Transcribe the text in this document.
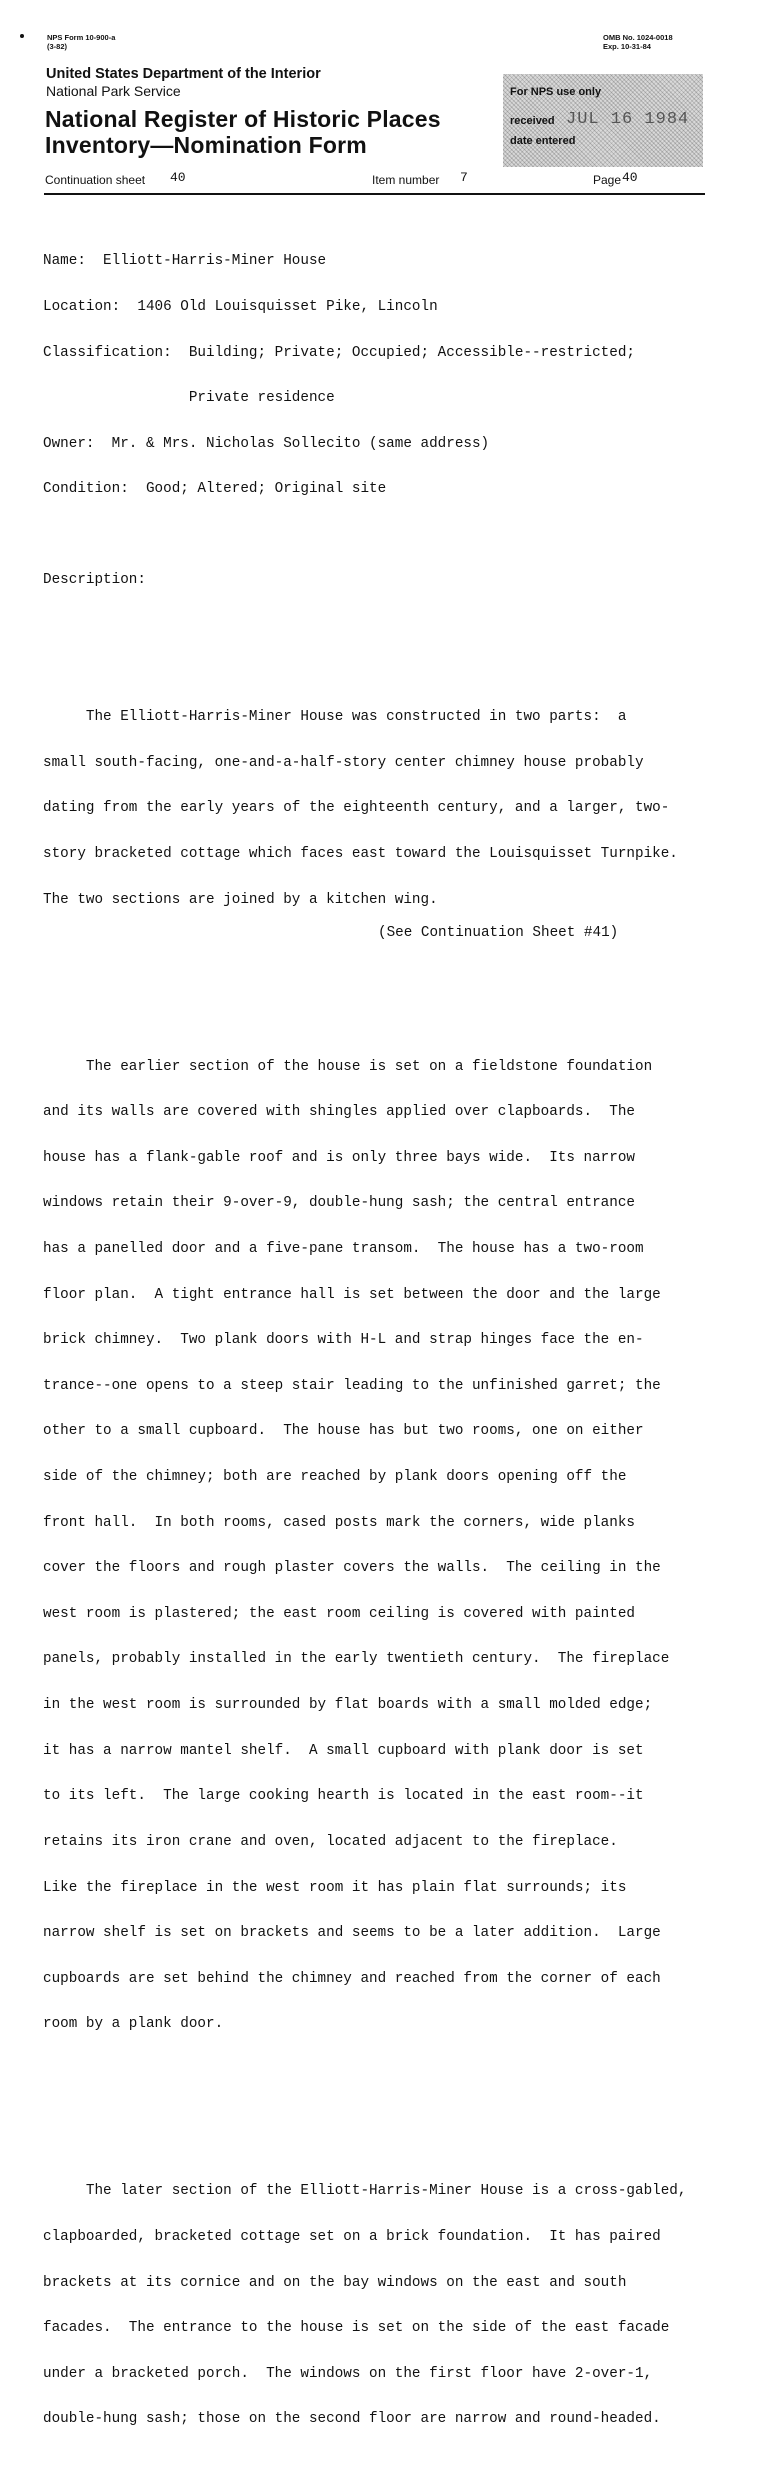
NPS Form 10-900-a
(3-82)
OMB No. 1024-0018
Exp. 10-31-84
United States Department of the Interior
National Park Service
National Register of Historic Places
Inventory—Nomination Form
For NPS use only
received JUL 16 1984
date entered
Continuation sheet 40	Item number 7	Page 40

Name:  Elliott-Harris-Miner House

Location:  1406 Old Louisquisset Pike, Lincoln

Classification:  Building; Private; Occupied; Accessible--restricted;

Private residence

Owner:  Mr. & Mrs. Nicholas Sollecito (same address)

Condition:  Good; Altered; Original site

Description:

The Elliott-Harris-Miner House was constructed in two parts:  a

small south-facing, one-and-a-half-story center chimney house probably

dating from the early years of the eighteenth century, and a larger, two-

story bracketed cottage which faces east toward the Louisquisset Turnpike.

The two sections are joined by a kitchen wing.

The earlier section of the house is set on a fieldstone foundation

and its walls are covered with shingles applied over clapboards.  The

house has a flank-gable roof and is only three bays wide.  Its narrow

windows retain their 9-over-9, double-hung sash; the central entrance

has a panelled door and a five-pane transom.  The house has a two-room

floor plan.  A tight entrance hall is set between the door and the large

brick chimney.  Two plank doors with H-L and strap hinges face the en-

trance--one opens to a steep stair leading to the unfinished garret; the

other to a small cupboard.  The house has but two rooms, one on either

side of the chimney; both are reached by plank doors opening off the

front hall.  In both rooms, cased posts mark the corners, wide planks

cover the floors and rough plaster covers the walls.  The ceiling in the

west room is plastered; the east room ceiling is covered with painted

panels, probably installed in the early twentieth century.  The fireplace

in the west room is surrounded by flat boards with a small molded edge;

it has a narrow mantel shelf.  A small cupboard with plank door is set

to its left.  The large cooking hearth is located in the east room--it

retains its iron crane and oven, located adjacent to the fireplace.

Like the fireplace in the west room it has plain flat surrounds; its

narrow shelf is set on brackets and seems to be a later addition.  Large

cupboards are set behind the chimney and reached from the corner of each

room by a plank door.

The later section of the Elliott-Harris-Miner House is a cross-gabled,

clapboarded, bracketed cottage set on a brick foundation.  It has paired

brackets at its cornice and on the bay windows on the east and south

facades.  The entrance to the house is set on the side of the east facade

under a bracketed porch.  The windows on the first floor have 2-over-1,

double-hung sash; those on the second floor are narrow and round-headed.

(See Continuation Sheet #41)
